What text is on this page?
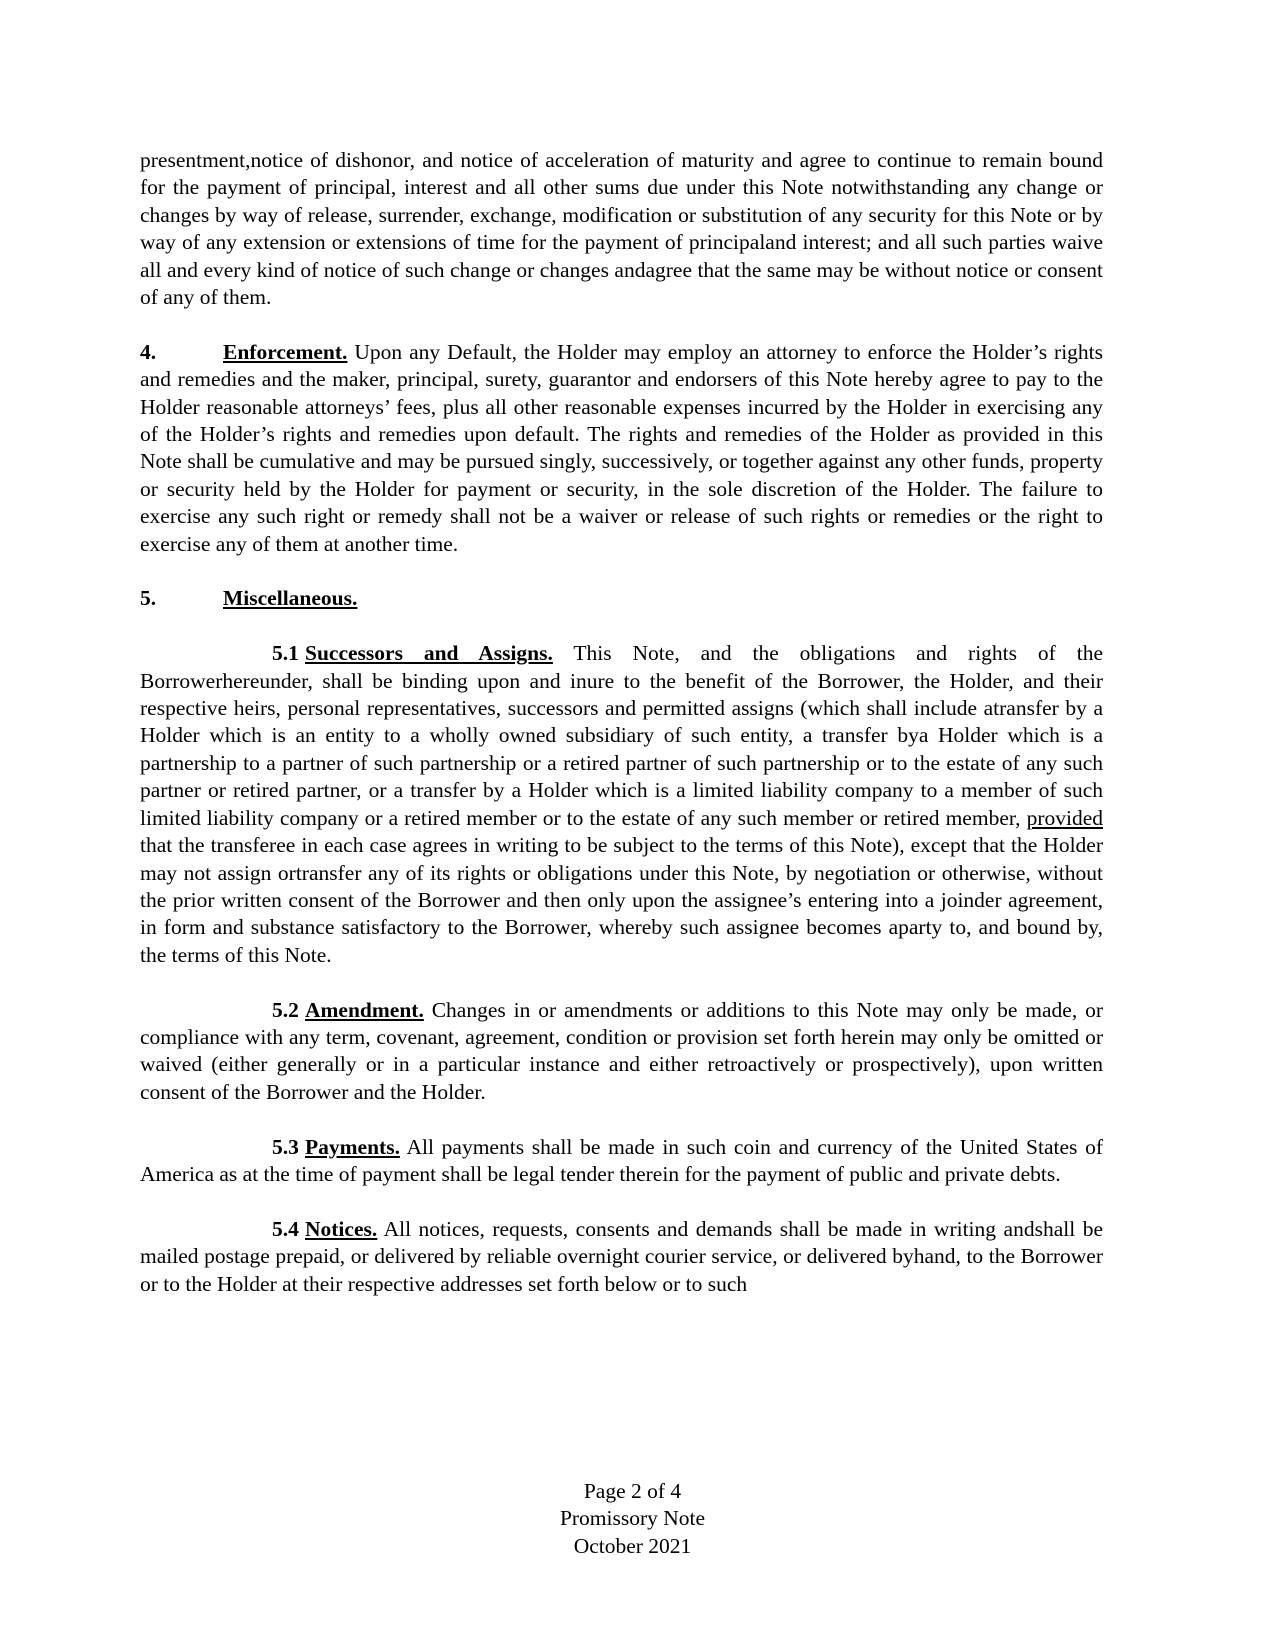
presentment,notice of dishonor, and notice of acceleration of maturity and agree to continue to remain bound for the payment of principal, interest and all other sums due under this Note notwithstanding any change or changes by way of release, surrender, exchange, modification or substitution of any security for this Note or by way of any extension or extensions of time for the payment of principaland interest; and all such parties waive all and every kind of notice of such change or changes andagree that the same may be without notice or consent of any of them.

4.	Enforcement. Upon any Default, the Holder may employ an attorney to enforce the Holder’s rights and remedies and the maker, principal, surety, guarantor and endorsers of this Note hereby agree to pay to the Holder reasonable attorneys’ fees, plus all other reasonable expenses incurred by the Holder in exercising any of the Holder’s rights and remedies upon default. The rights and remedies of the Holder as provided in this Note shall be cumulative and may be pursued singly, successively, or together against any other funds, property or security held by the Holder for payment or security, in the sole discretion of the Holder. The failure to exercise any such right or remedy shall not be a waiver or release of such rights or remedies or the right to exercise any of them at another time.

5.	Miscellaneous.

5.1 Successors and Assigns. This Note, and the obligations and rights of the Borrowerhereunder, shall be binding upon and inure to the benefit of the Borrower, the Holder, and their respective heirs, personal representatives, successors and permitted assigns (which shall include atransfer by a Holder which is an entity to a wholly owned subsidiary of such entity, a transfer bya Holder which is a partnership to a partner of such partnership or a retired partner of such partnership or to the estate of any such partner or retired partner, or a transfer by a Holder which is a limited liability company to a member of such limited liability company or a retired member or to the estate of any such member or retired member, provided that the transferee in each case agrees in writing to be subject to the terms of this Note), except that the Holder may not assign ortransfer any of its rights or obligations under this Note, by negotiation or otherwise, without the prior written consent of the Borrower and then only upon the assignee’s entering into a joinder agreement, in form and substance satisfactory to the Borrower, whereby such assignee becomes aparty to, and bound by, the terms of this Note.

5.2 Amendment. Changes in or amendments or additions to this Note may only be made, or compliance with any term, covenant, agreement, condition or provision set forth herein may only be omitted or waived (either generally or in a particular instance and either retroactively or prospectively), upon written consent of the Borrower and the Holder.

5.3 Payments. All payments shall be made in such coin and currency of the United States of America as at the time of payment shall be legal tender therein for the payment of public and private debts.

5.4 Notices. All notices, requests, consents and demands shall be made in writing andshall be mailed postage prepaid, or delivered by reliable overnight courier service, or delivered byhand, to the Borrower or to the Holder at their respective addresses set forth below or to such

Page 2 of 4
Promissory Note
October 2021
